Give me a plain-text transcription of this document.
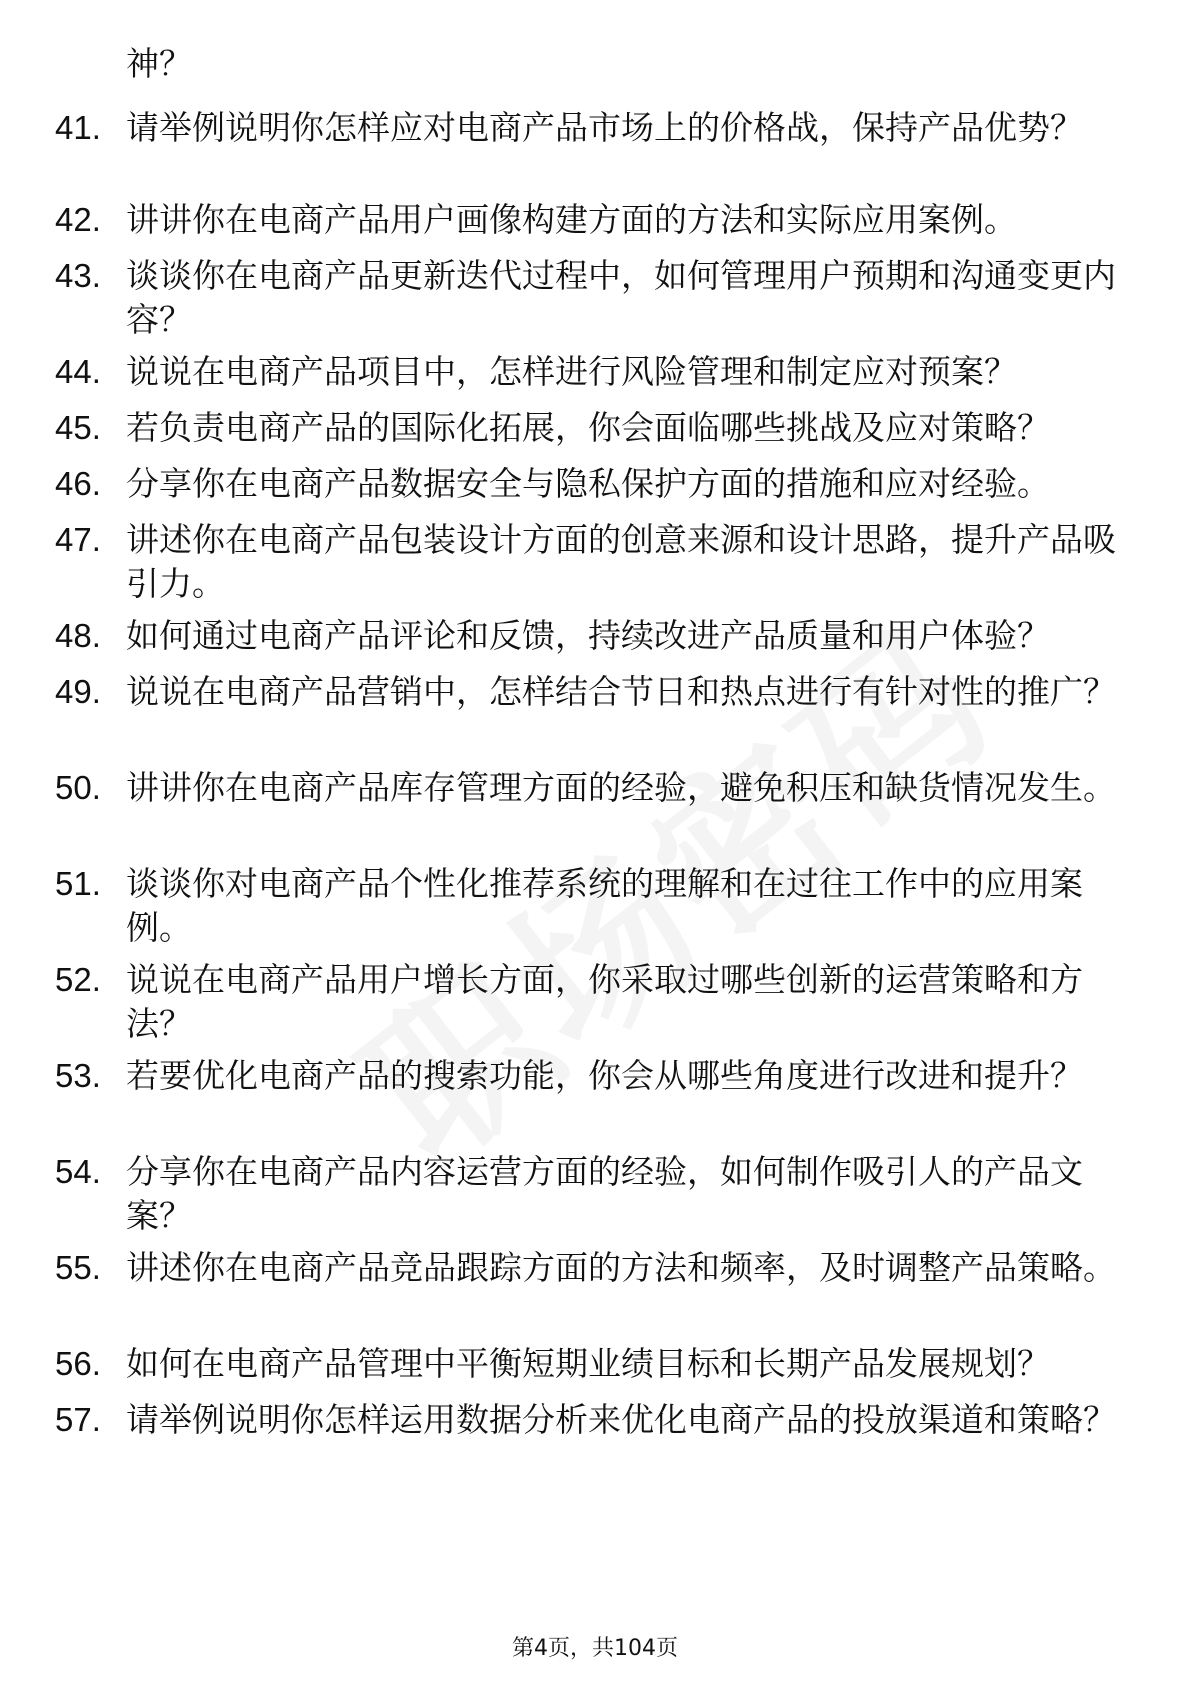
神？
41. 请举例说明你怎样应对电商产品市场上的价格战，保持产品优势？
42. 讲讲你在电商产品用户画像构建方面的方法和实际应用案例。
43. 谈谈你在电商产品更新迭代过程中，如何管理用户预期和沟通变更内容？
44. 说说在电商产品项目中，怎样进行风险管理和制定应对预案？
45. 若负责电商产品的国际化拓展，你会面临哪些挑战及应对策略？
46. 分享你在电商产品数据安全与隐私保护方面的措施和应对经验。
47. 讲述你在电商产品包装设计方面的创意来源和设计思路，提升产品吸引力。
48. 如何通过电商产品评论和反馈，持续改进产品质量和用户体验？
49. 说说在电商产品营销中，怎样结合节日和热点进行有针对性的推广？
50. 讲讲你在电商产品库存管理方面的经验，避免积压和缺货情况发生。
51. 谈谈你对电商产品个性化推荐系统的理解和在过往工作中的应用案例。
52. 说说在电商产品用户增长方面，你采取过哪些创新的运营策略和方法？
53. 若要优化电商产品的搜索功能，你会从哪些角度进行改进和提升？
54. 分享你在电商产品内容运营方面的经验，如何制作吸引人的产品文案？
55. 讲述你在电商产品竞品跟踪方面的方法和频率，及时调整产品策略。
56. 如何在电商产品管理中平衡短期业绩目标和长期产品发展规划？
57. 请举例说明你怎样运用数据分析来优化电商产品的投放渠道和策略？
第4页，共104页
